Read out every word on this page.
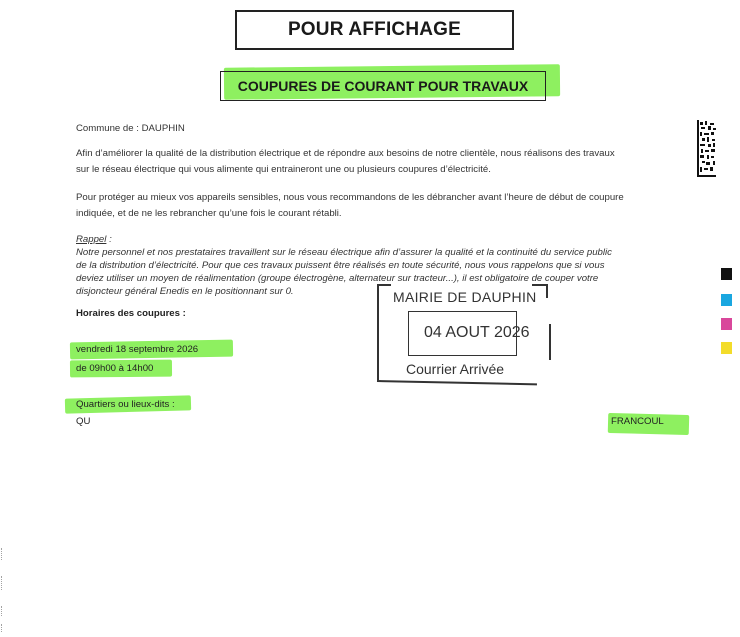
POUR AFFICHAGE
COUPURES DE COURANT POUR TRAVAUX
Commune de : DAUPHIN
Afin d’améliorer la qualité de la distribution électrique et de répondre aux besoins de notre clientèle, nous réalisons des travaux
sur le réseau électrique qui vous alimente qui entraineront une ou plusieurs coupures d’électricité.
Pour protéger au mieux vos appareils sensibles, nous vous recommandons de les débrancher avant l’heure de début de coupure
indiquée, et de ne les rebrancher qu’une fois le courant rétabli.
Rappel :
Notre personnel et nos prestataires travaillent sur le réseau électrique afin d’assurer la qualité et la continuité du service public
de la distribution d’électricité. Pour que ces travaux puissent être réalisés en toute sécurité, nous vous rappelons que si vous
deviez utiliser un moyen de réalimentation (groupe électrogène, alternateur sur tracteur...), il est obligatoire de couper votre
disjoncteur général Enedis en le positionnant sur 0.
Horaires des coupures :
vendredi 18 septembre 2026
de 09h00 à 14h00
Quartiers ou lieux-dits :
QU	FRANCOUL
MAIRIE DE DAUPHIN
04 AOUT 2026
Courrier Arrivée
